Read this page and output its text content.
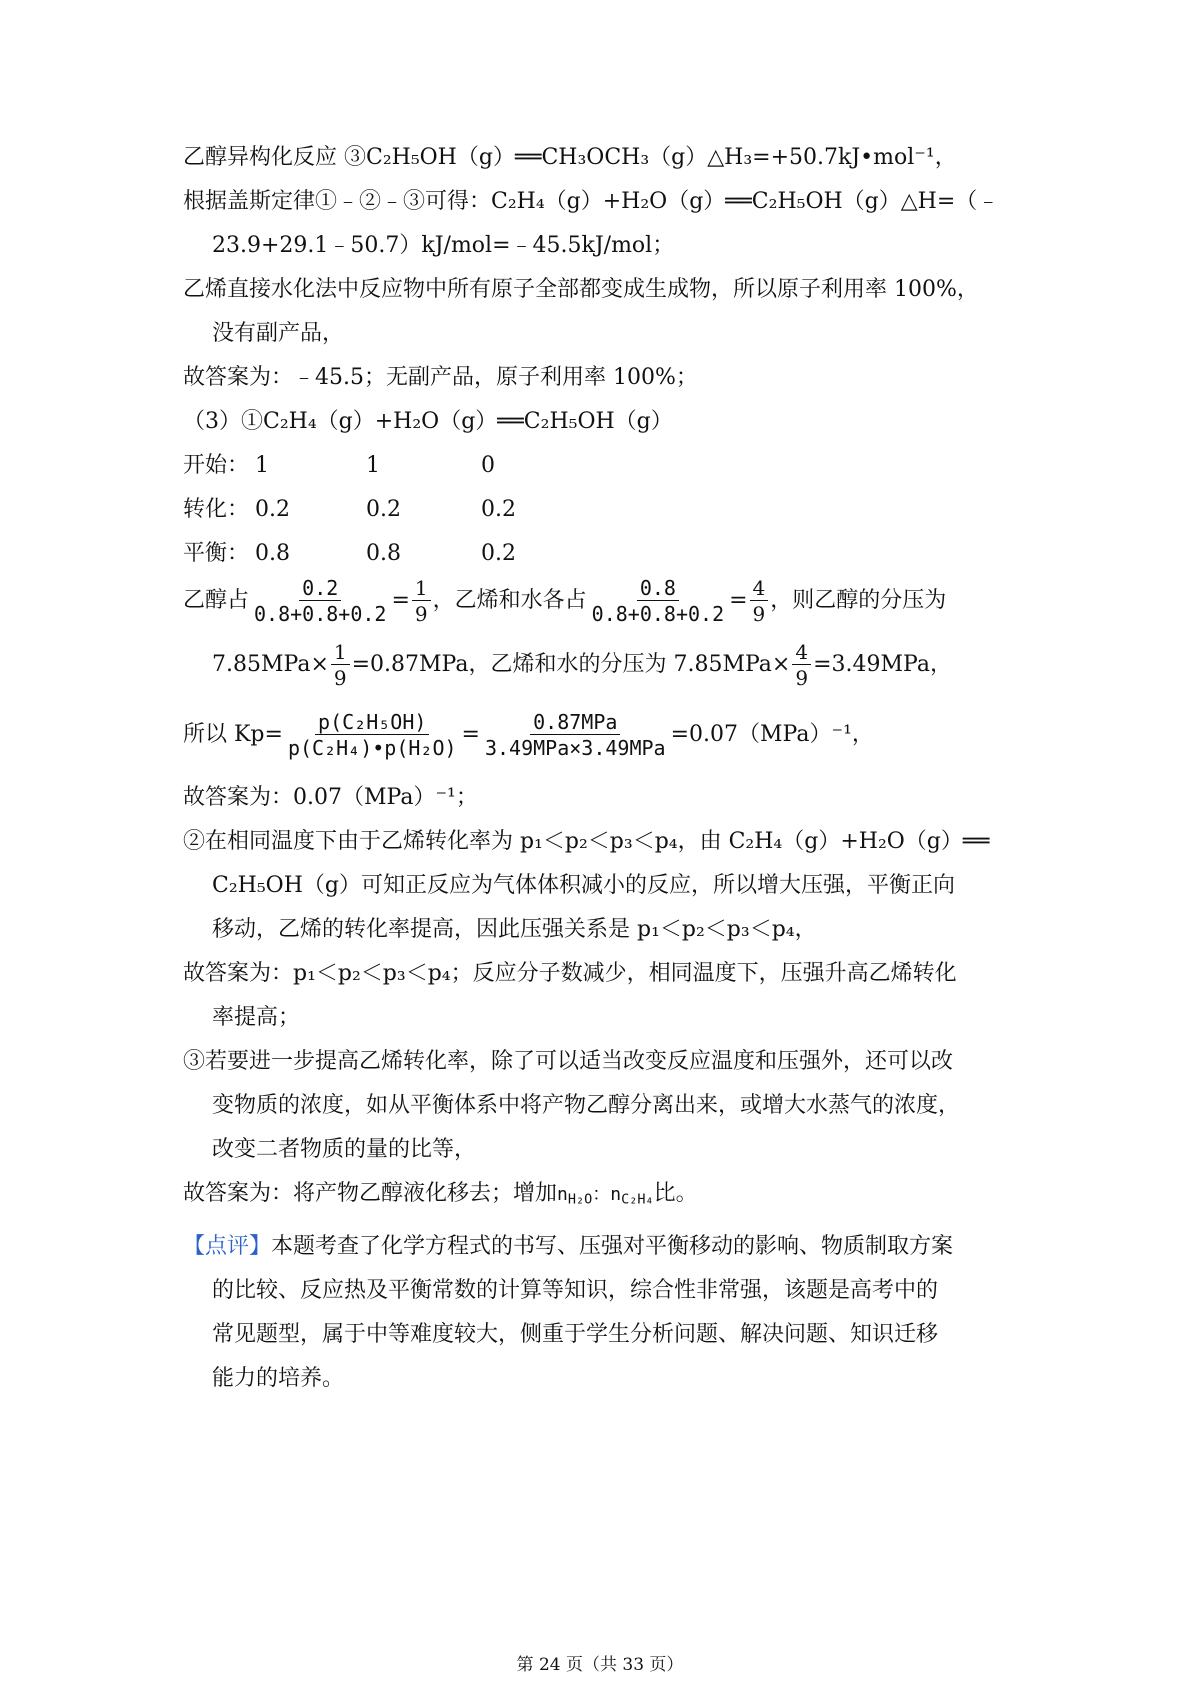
乙醇异构化反应 ③C₂H₅OH（g）══CH₃OCH₃（g）△H₃=+50.7kJ•mol⁻¹，
根据盖斯定律①﹣②﹣③可得：C₂H₄（g）+H₂O（g）══C₂H₅OH（g）△H=（﹣
23.9+29.1﹣50.7）kJ/mol=﹣45.5kJ/mol；
乙烯直接水化法中反应物中所有原子全部都变成生成物，所以原子利用率 100%，
没有副产品，
故答案为：﹣45.5；无副产品，原子利用率 100%；
（3）①C₂H₄（g）+H₂O（g）══C₂H₅OH（g）
开始： 1	1	0
转化： 0.2	0.2	0.2
平衡： 0.8	0.8	0.2
乙醇占 $\frac{0.2}{0.8+0.8+0.2} = \frac{1}{9}$ ，乙烯和水各占 $\frac{0.8}{0.8+0.8+0.2} = \frac{4}{9}$ ，则乙醇的分压为
$7.85MPa\times \frac{1}{9} =0.87MPa$，乙烯和水的分压为 $7.85MPa\times \frac{4}{9} =3.49MPa$，
所以 $Kp= \frac{\text{p(C₂H₅OH)}}{\text{p(C₂H₄)•p(H₂O)}} = \frac{\text{0.87MPa}}{\text{3.49MPa×3.49MPa}} =0.07(MPa)^{-1}$，
故答案为：0.07（MPa）⁻¹；
②在相同温度下由于乙烯转化率为 p₁＜p₂＜p₃＜p₄，由 C₂H₄（g）+H₂O（g）══
C₂H₅OH（g）可知正反应为气体体积减小的反应，所以增大压强，平衡正向
移动，乙烯的转化率提高，因此压强关系是 p₁＜p₂＜p₃＜p₄，
故答案为：p₁＜p₂＜p₃＜p₄；反应分子数减少，相同温度下，压强升高乙烯转化
率提高；
③若要进一步提高乙烯转化率，除了可以适当改变反应温度和压强外，还可以改
变物质的浓度，如从平衡体系中将产物乙醇分离出来，或增大水蒸气的浓度，
改变二者物质的量的比等，
故答案为：将产物乙醇液化移去；增加$n_{H_2O}$：$n_{C_2H_4}$比。
【点评】本题考查了化学方程式的书写、压强对平衡移动的影响、物质制取方案
的比较、反应热及平衡常数的计算等知识，综合性非常强，该题是高考中的
常见题型，属于中等难度较大，侧重于学生分析问题、解决问题、知识迁移
能力的培养。
第 24 页（共 33 页）
